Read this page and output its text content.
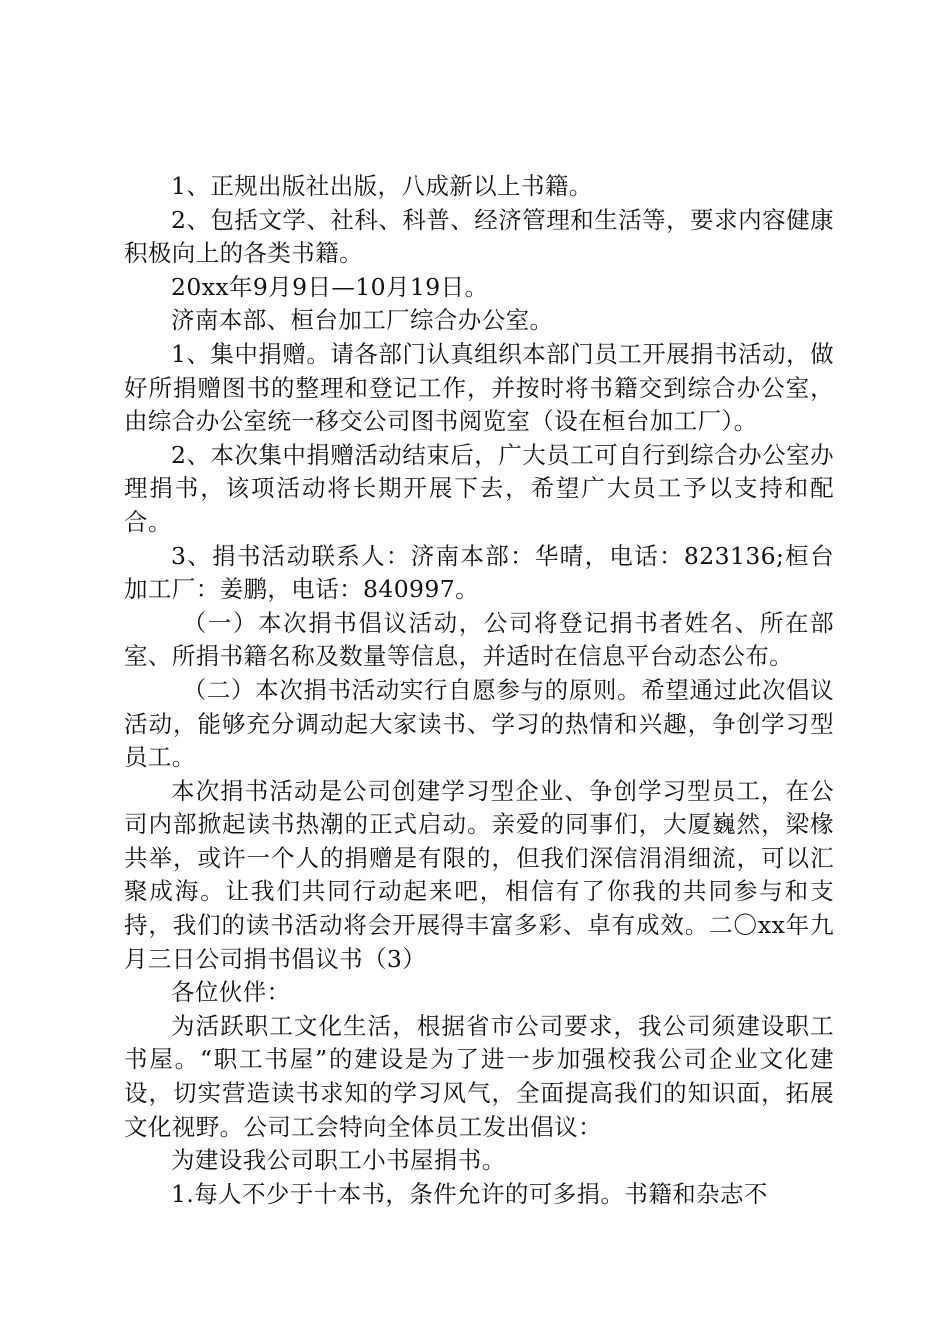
1、正规出版社出版，八成新以上书籍。

2、包括文学、社科、科普、经济管理和生活等，要求内容健康积极向上的各类书籍。

20xx年9月9日—10月19日。

济南本部、桓台加工厂综合办公室。

1、集中捐赠。请各部门认真组织本部门员工开展捐书活动，做好所捐赠图书的整理和登记工作，并按时将书籍交到综合办公室，由综合办公室统一移交公司图书阅览室（设在桓台加工厂）。

2、本次集中捐赠活动结束后，广大员工可自行到综合办公室办理捐书，该项活动将长期开展下去，希望广大员工予以支持和配合。

3、捐书活动联系人：济南本部：华晴，电话：823136;桓台加工厂：姜鹏，电话：840997。

（一）本次捐书倡议活动，公司将登记捐书者姓名、所在部室、所捐书籍名称及数量等信息，并适时在信息平台动态公布。

（二）本次捐书活动实行自愿参与的原则。希望通过此次倡议活动，能够充分调动起大家读书、学习的热情和兴趣，争创学习型员工。

本次捐书活动是公司创建学习型企业、争创学习型员工，在公司内部掀起读书热潮的正式启动。亲爱的同事们，大厦巍然，梁椽共举，或许一个人的捐赠是有限的，但我们深信涓涓细流，可以汇聚成海。让我们共同行动起来吧，相信有了你我的共同参与和支持，我们的读书活动将会开展得丰富多彩、卓有成效。二〇xx年九月三日公司捐书倡议书（3）

各位伙伴：

为活跃职工文化生活，根据省市公司要求，我公司须建设职工书屋。“职工书屋”的建设是为了进一步加强校我公司企业文化建设，切实营造读书求知的学习风气，全面提高我们的知识面，拓展文化视野。公司工会特向全体员工发出倡议：

为建设我公司职工小书屋捐书。

1.每人不少于十本书，条件允许的可多捐。书籍和杂志不
